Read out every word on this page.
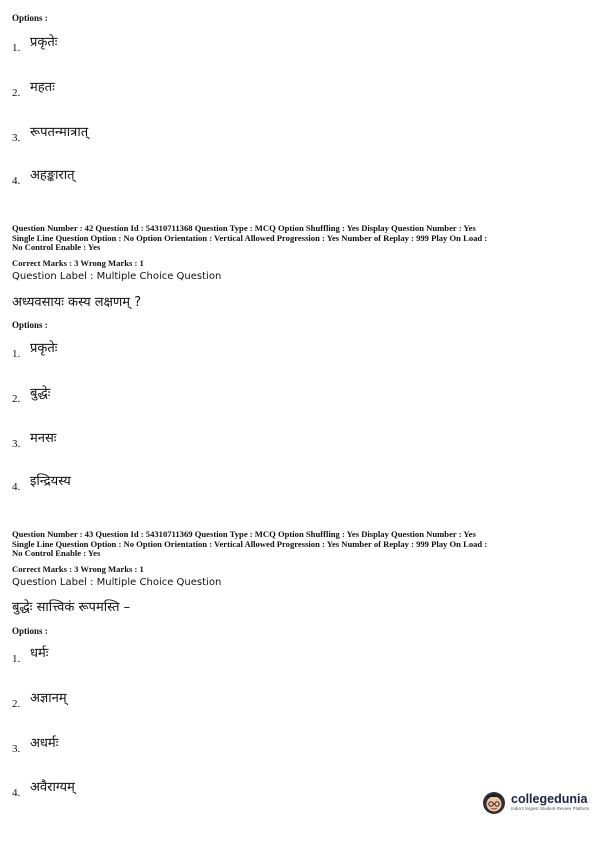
Options :
1. प्रकृतेः
2. महतः
3. रूपतन्मात्रात्
4. अहङ्कारात्
Question Number : 42 Question Id : 54310711368 Question Type : MCQ Option Shuffling : Yes Display Question Number : Yes
Single Line Question Option : No Option Orientation : Vertical Allowed Progression : Yes Number of Replay : 999 Play On Load :
No Control Enable : Yes
Correct Marks : 3 Wrong Marks : 1
Question Label : Multiple Choice Question
अध्यवसायः कस्य लक्षणम् ?
Options :
1. प्रकृतेः
2. बुद्धेः
3. मनसः
4. इन्द्रियस्य
Question Number : 43 Question Id : 54310711369 Question Type : MCQ Option Shuffling : Yes Display Question Number : Yes
Single Line Question Option : No Option Orientation : Vertical Allowed Progression : Yes Number of Replay : 999 Play On Load :
No Control Enable : Yes
Correct Marks : 3 Wrong Marks : 1
Question Label : Multiple Choice Question
बुद्धेः सात्त्विकं रूपमस्ति –
Options :
1. धर्मः
2. अज्ञानम्
3. अधर्मः
4. अवैराग्यम्
collegedunia
India's largest Student Review Platform
